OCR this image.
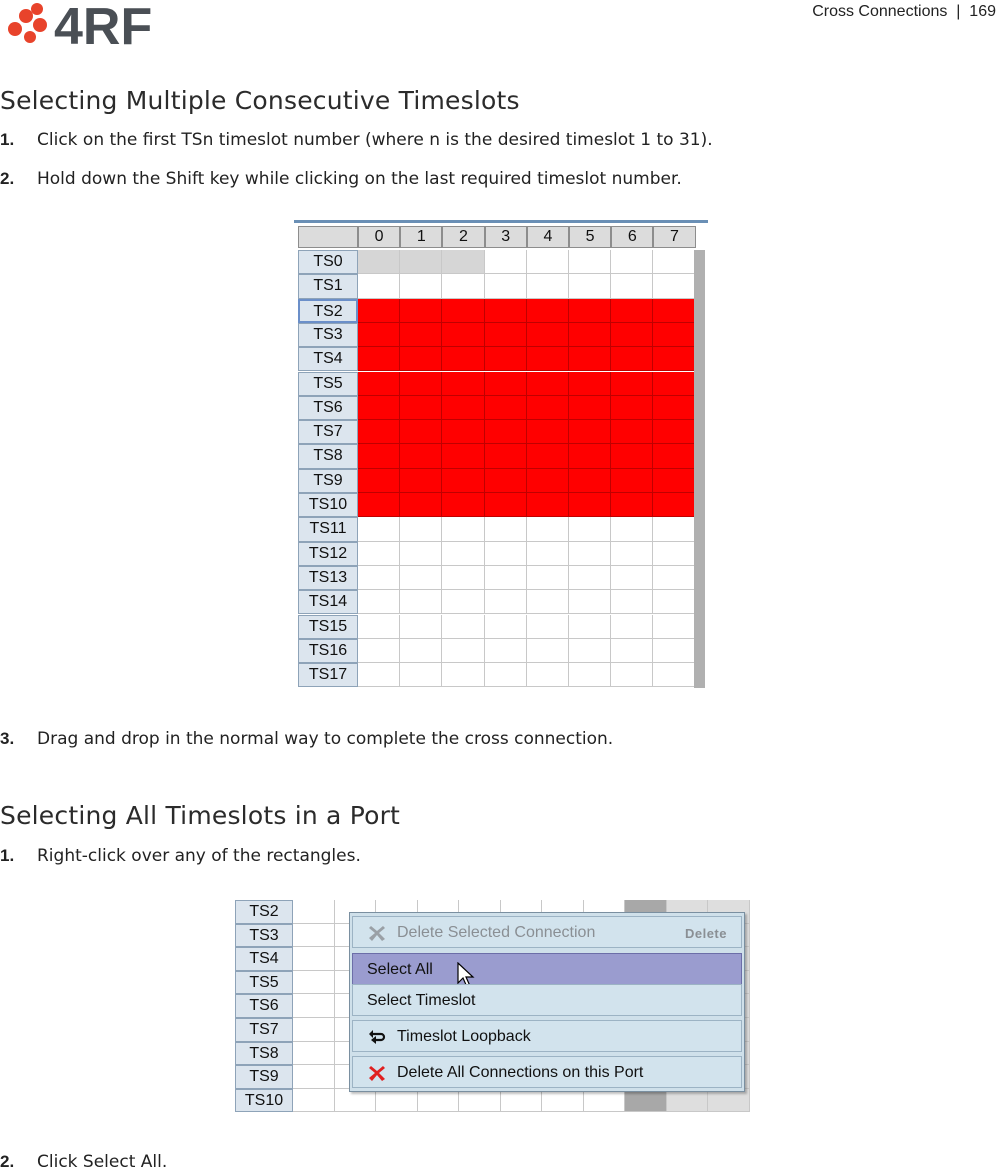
4RF	Cross Connections  |  169
Selecting Multiple Consecutive Timeslots
1. Click on the first TSn timeslot number (where n is the desired timeslot 1 to 31).
2. Hold down the Shift key while clicking on the last required timeslot number.
0	1	2	3	4	5	6	7
TS0
TS1
TS2
TS3
TS4
TS5
TS6
TS7
TS8
TS9
TS10
TS11
TS12
TS13
TS14
TS15
TS16
TS17
3. Drag and drop in the normal way to complete the cross connection.
Selecting All Timeslots in a Port
1. Right-click over any of the rectangles.
TS2
TS3
TS4
TS5
TS6
TS7
TS8
TS9
TS10
Delete Selected Connection	Delete
Select All
Select Timeslot
Timeslot Loopback
Delete All Connections on this Port
2. Click Select All.
